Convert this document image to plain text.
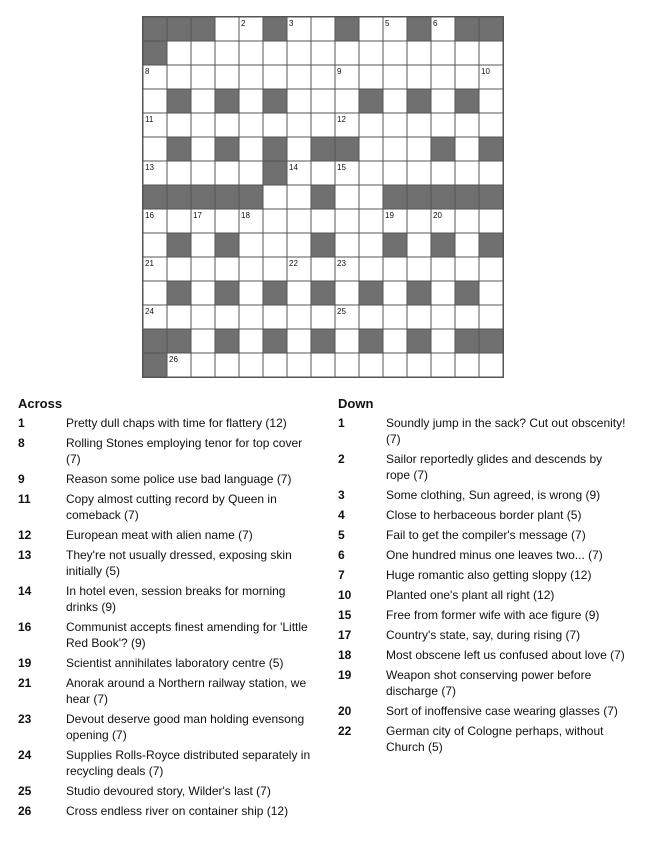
2	3	5	6
8	9	10
11	12
13	14	15
16	17	18	19	20
21	22	23
24	25
26
Across
1	Pretty dull chaps with time for flattery (12)
8	Rolling Stones employing tenor for top cover (7)
9	Reason some police use bad language (7)
11	Copy almost cutting record by Queen in comeback (7)
12	European meat with alien name (7)
13	They're not usually dressed, exposing skin initially (5)
14	In hotel even, session breaks for morning drinks (9)
16	Communist accepts finest amending for 'Little Red Book'? (9)
19	Scientist annihilates laboratory centre (5)
21	Anorak around a Northern railway station, we hear (7)
23	Devout deserve good man holding evensong opening (7)
24	Supplies Rolls-Royce distributed separately in recycling deals (7)
25	Studio devoured story, Wilder's last (7)
26	Cross endless river on container ship (12)
Down
1	Soundly jump in the sack? Cut out obscenity! (7)
2	Sailor reportedly glides and descends by rope (7)
3	Some clothing, Sun agreed, is wrong (9)
4	Close to herbaceous border plant (5)
5	Fail to get the compiler's message (7)
6	One hundred minus one leaves two... (7)
7	Huge romantic also getting sloppy (12)
10	Planted one's plant all right (12)
15	Free from former wife with ace figure (9)
17	Country's state, say, during rising (7)
18	Most obscene left us confused about love (7)
19	Weapon shot conserving power before discharge (7)
20	Sort of inoffensive case wearing glasses (7)
22	German city of Cologne perhaps, without Church (5)
